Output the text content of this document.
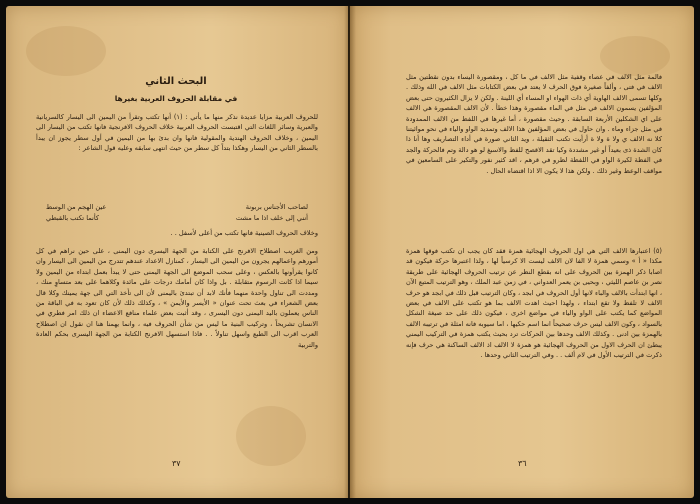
البحث الثاني
في مقابلة الحروف العربية بغيرها
للحروف العربية مزايا عديدة نذكر منها ما يأتي : (١) أنها تكتب وتقرأ من اليمين الى اليسار كالسريانية والعبرية وسائر اللغات التي اقتبست الحروف العربية خلاف الحروف الافرنجية فانها تكتب من اليسار الى اليمين ، وخلاف الحروف الهندية والمقولية فانها وان بدئ بها من اليمين في أول سطر يجوز ان يبدأ بالسطر الثاني من اليسار وهكذا بتداً كل سطر من حيث انتهى سابقه وعليه قول الشاعر :
لصاحب الأجناس بربونة
عين الهجم من الوسط
أنني إلى خلف اذا ما مشت
كأنما تكتب بالقبطي
وخلاف الحروف الصينية فانها تكتب من أعلى لأسفل . .
ومن الغريب اصطلاح الافرنج على الكتابة من الجهة اليسرى دون اليمنى ، على حين نراهم في كل أمورهم واعمالهم يجرون من اليمين الى اليسار ، كمنازل الاعداد عندهم تتدرج من اليمين الى اليسار وان كانوا يقرأونها بالعكس ، وعلى سحب الموضع الى الجهة اليمنى حتى لا يبدأ بعمل ابتداء من اليمين ولا سيما اذا كانت الرسوم متقابلة . بل واذا كان أمامك درجات على مائدة وكلاهما على بعد متساوٍ منك ، ومددت الى تناول واحدة منهما فأنك لابد أن تبتدئ باليمنى لأن الى تأخذ التي الى جهة يمينك وكلا قال بعض الشعراء في بعث تحت عنوان « الأيسر والأيمن » ، وكذلك ذلك لأن كان تعود به في الباقة من الناس يعملون باليد اليمنى دون اليسرى ، وقد أثبت بعض علماء منافع الاعضاء ان ذلك امر فطري في الانسان تشريحاً ، وتركيب البنية ما ليس من شأن الحروف فيه ، وانما يهمنا هنا ان نقول ان اصطلاح العرب اقرب الى الطبع واسهل تناولاً . . فاذا استسهل الافرنج الكتابة من الجهة اليسرى بحكم العادة والتربية
٣٧
فالمة مثل الالف في عصاء وقفية مثل الالف في ما كل ، ومقصورة اليساء بدون نقطتين مثل الالف في فتى ، وألفاً صغيرة فوق الحرف لا يعتد في بعض الكتابات مثل الالف في الله وذلك . وكلها تسمى الالف الهاوية أي ذات الهواء او المساء أي اللينة . ولكن لا يزال الكثيرون حتى بعض المؤلفين يسمون الالف في مثل في الماء مقصورة وهذا خطأ . لأن الالف المقصورة هي الالف على اي الشكلين الأربعة السابقة . وحيث مقصورة ، أما غيرها في اللفظ من الالف الممدودة في مثل جزاء وماء . وان حاول في بعض المؤلفين هذا الالف وتمديد الواو والياء في نحو موائيتنا كلا نه الالف ي ولا ة ولا ة أرأيت تكتب الثقيلة ، ويد الثاني صورة في أداء التصاريف وها أنا ذا كان الشدة ذى بعيداً أو غير مشددة وكيا تقد الاقصح للفظ والاسبغ لو هو دالة وتم فالحركة والجد في الفظة لكيرة الواو في اللفظة لظرو في قرهم ، اقد كثير نفور والتكير على السامعين في مواقف الوعظ وغير ذلك . ولكن هذا لا يكون الا اذا اقتضاه الحال .
(٥) اعتبارها الالف التي هي اول الحروف الهجائية همزة فقد كان يجب ان تكتب فوقها همزة مكذا « أ » وسمي همزة لا الفا لان الالف ليست الا كرسياً لها ، ولذا اعتبرها حركة فيكون قد اصابا ذكر الهمزة بين الحروف على انه بقطع النظر عن ترتيب الحروف الهجائية على طريقة نصر بن عاصم الليثي ، وبحيى بن يعمر العدواني ، في زمن عبد الملك ، وهو الترتيب المتبع الآن ، انها ابتدأت بالالف والباء لانها أول الحروف في ابجد ، وكان الترتيب قبل ذلك في ابجد هو حرف الالف لا تلفظ ولا تقع ابتداء ، ولهذا احيث اهدت الالف بما هو تكتب على الالف في بعض المواضع كما يكتب على الواو والياء في مواضع اخرى ، فيكون ذلك على حد صيغة الشكل بالسواد ، وكون الالف ليس حرف صحيحاً انما اسم حكيها ، اما سيوبه فانه امثلة في ترتيبه الالف بالهمزة بين ادنى . وكذلك الالف وحدها بين الحركات ترد بحيث يكتب همزة في التركيب اليمني يبطئ ان الحرف الاول من الحروف الهجائية هو همزة لا الالف اذ الالف الساكنة هي حرف فإنه ذكرت في الترتيب الأول في لام ألف . . وفي الترتيب الثاني وحدها .
٣٦
